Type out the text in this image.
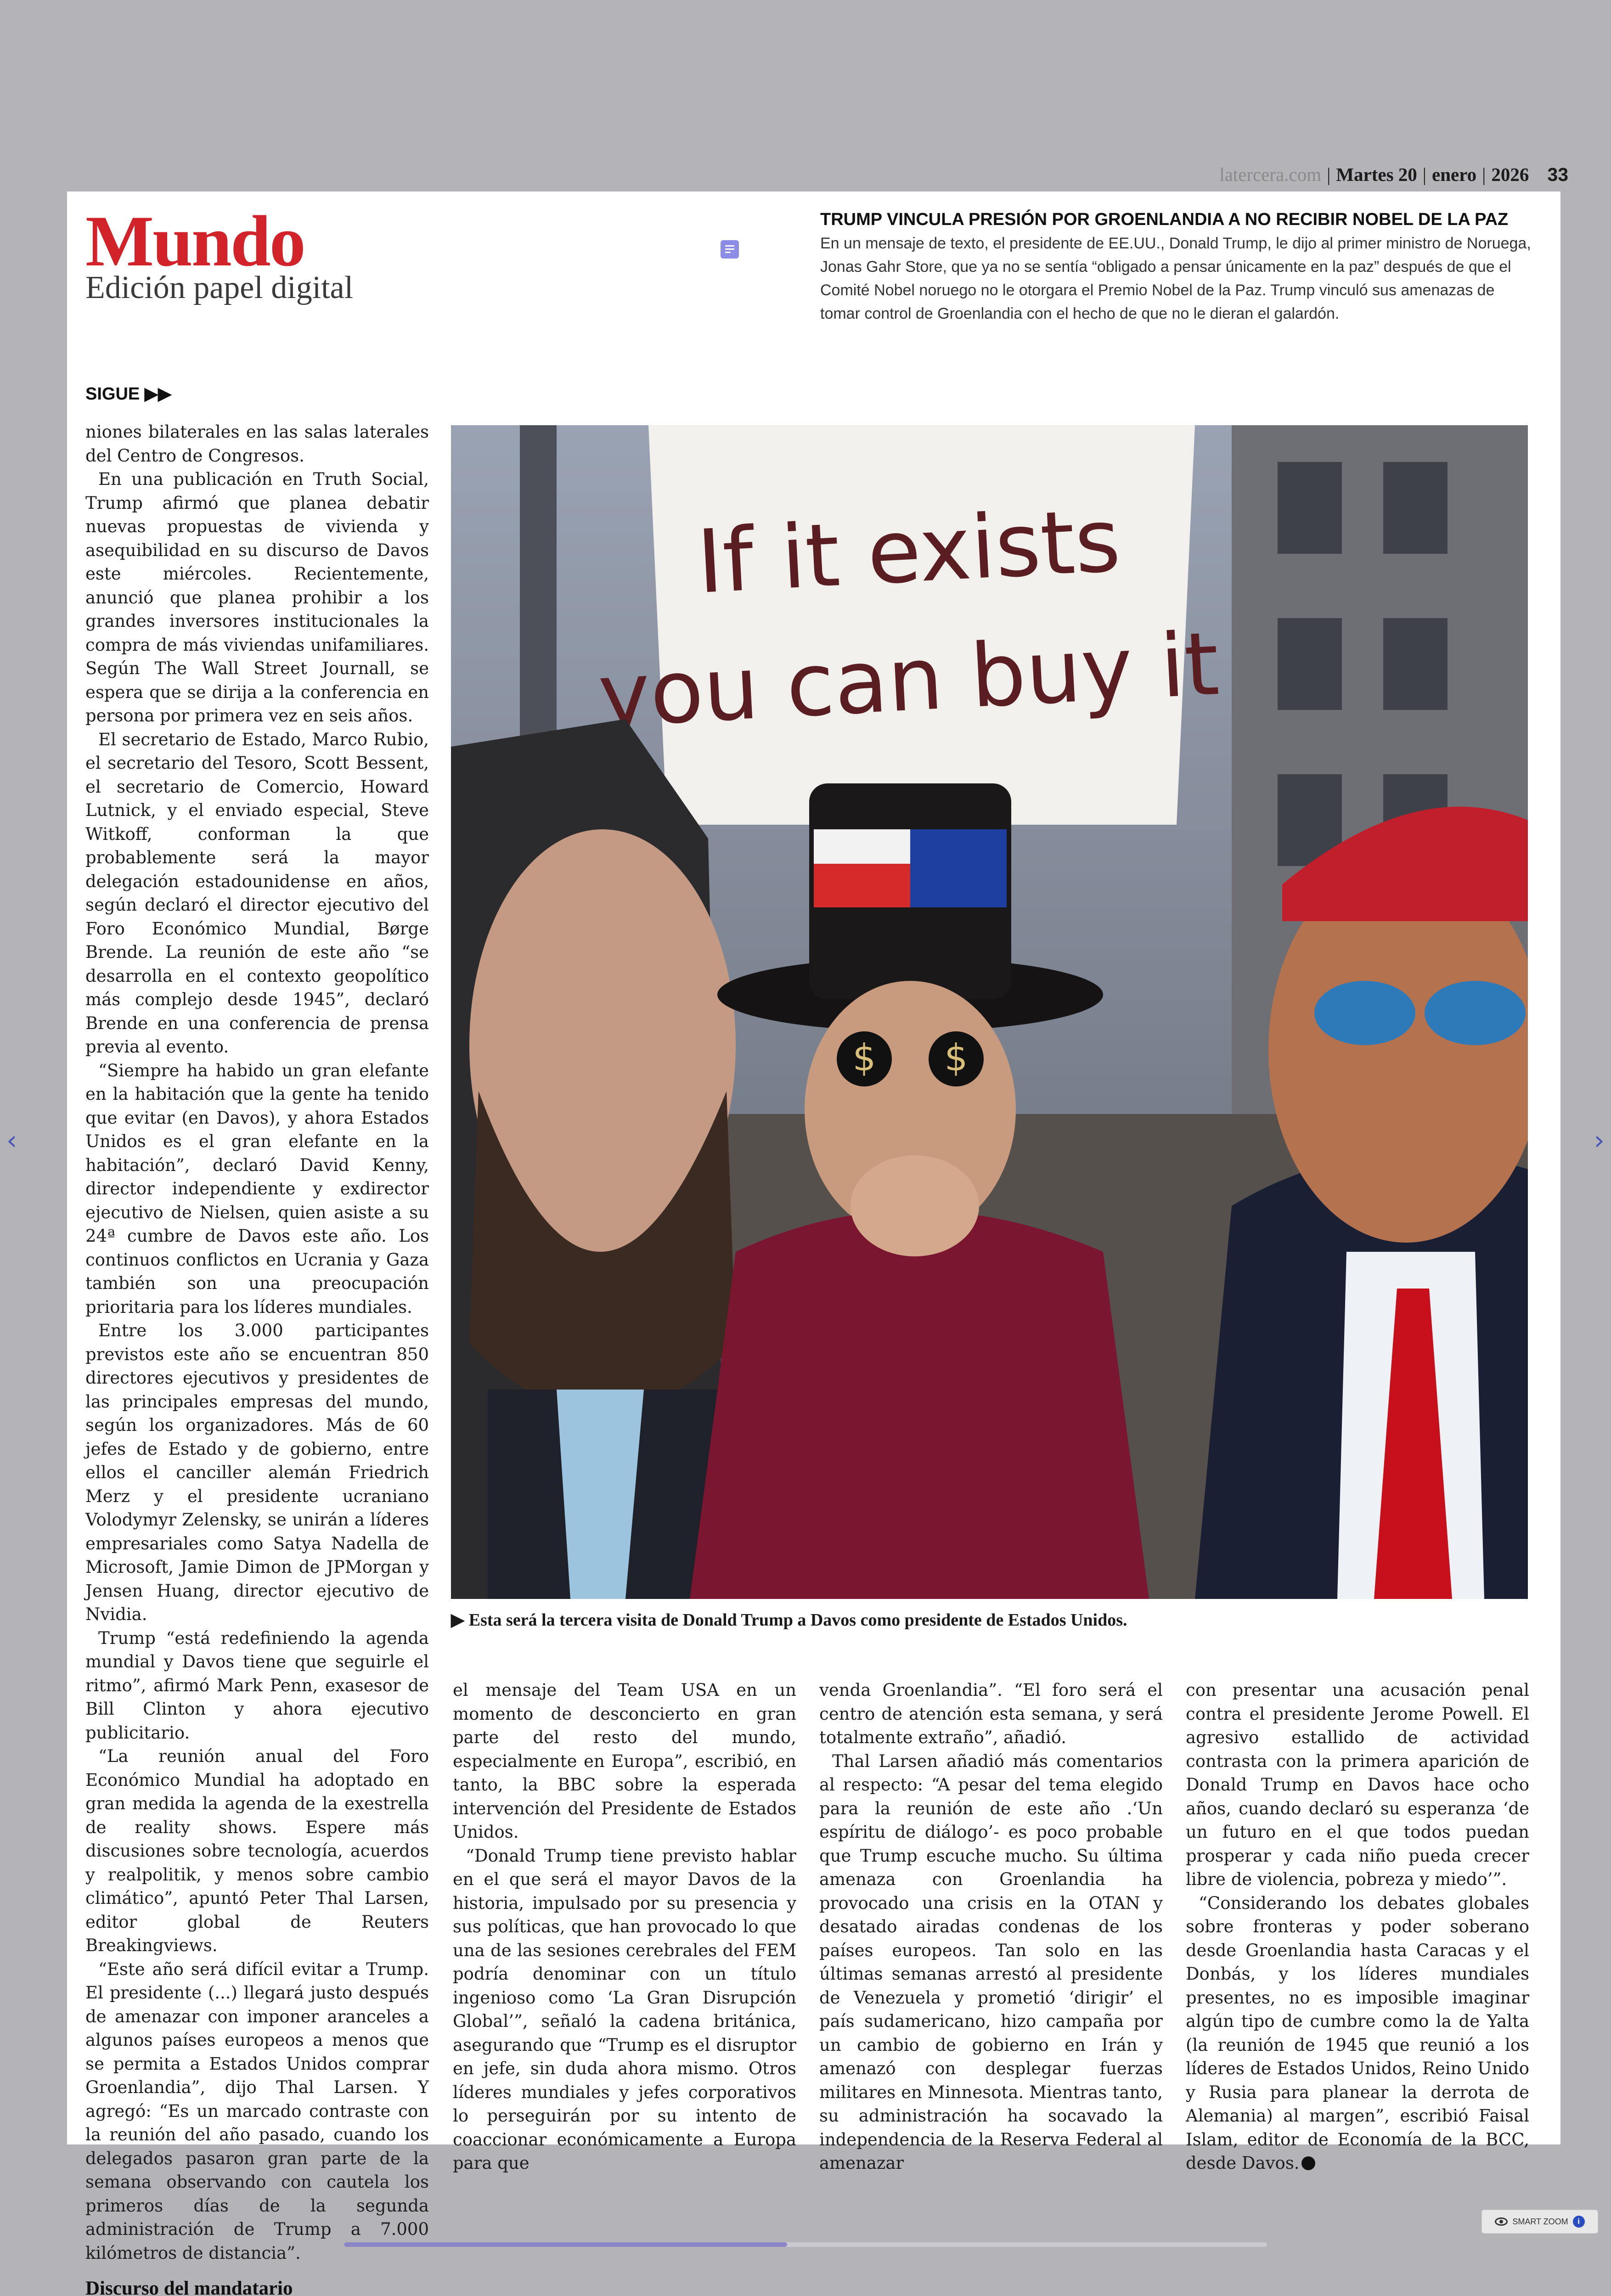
latercera.com | Martes 20 | enero | 2026 33
Mundo
Edición papel digital
TRUMP VINCULA PRESIÓN POR GROENLANDIA A NO RECIBIR NOBEL DE LA PAZ
En un mensaje de texto, el presidente de EE.UU., Donald Trump, le dijo al primer ministro de Noruega, Jonas Gahr Store, que ya no se sentía “obligado a pensar únicamente en la paz” después de que el Comité Nobel noruego no le otorgara el Premio Nobel de la Paz. Trump vinculó sus amenazas de tomar control de Groenlandia con el hecho de que no le dieran el galardón.
SIGUE ▶▶

niones bilaterales en las salas laterales del Centro de Congresos.

En una publicación en Truth Social, Trump afirmó que planea debatir nuevas propuestas de vivienda y asequibilidad en su discurso de Davos este miércoles. Recientemente, anunció que planea prohibir a los grandes inversores institucionales la compra de más viviendas unifamiliares. Según The Wall Street Journall, se espera que se dirija a la conferencia en persona por primera vez en seis años.

El secretario de Estado, Marco Rubio, el secretario del Tesoro, Scott Bessent, el secretario de Comercio, Howard Lutnick, y el enviado especial, Steve Witkoff, conforman la que probablemente será la mayor delegación estadounidense en años, según declaró el director ejecutivo del Foro Económico Mundial, Børge Brende. La reunión de este año “se desarrolla en el contexto geopolítico más complejo desde 1945”, declaró Brende en una conferencia de prensa previa al evento.

“Siempre ha habido un gran elefante en la habitación que la gente ha tenido que evitar (en Davos), y ahora Estados Unidos es el gran elefante en la habitación”, declaró David Kenny, director independiente y exdirector ejecutivo de Nielsen, quien asiste a su 24ª cumbre de Davos este año. Los continuos conflictos en Ucrania y Gaza también son una preocupación prioritaria para los líderes mundiales.

Entre los 3.000 participantes previstos este año se encuentran 850 directores ejecutivos y presidentes de las principales empresas del mundo, según los organizadores. Más de 60 jefes de Estado y de gobierno, entre ellos el canciller alemán Friedrich Merz y el presidente ucraniano Volodymyr Zelensky, se unirán a líderes empresariales como Satya Nadella de Microsoft, Jamie Dimon de JPMorgan y Jensen Huang, director ejecutivo de Nvidia.

Trump “está redefiniendo la agenda mundial y Davos tiene que seguirle el ritmo”, afirmó Mark Penn, exasesor de Bill Clinton y ahora ejecutivo publicitario.

“La reunión anual del Foro Económico Mundial ha adoptado en gran medida la agenda de la exestrella de reality shows. Espere más discusiones sobre tecnología, acuerdos y realpolitik, y menos sobre cambio climático”, apuntó Peter Thal Larsen, editor global de Reuters Breakingviews.

“Este año será difícil evitar a Trump. El presidente (...) llegará justo después de amenazar con imponer aranceles a algunos países europeos a menos que se permita a Estados Unidos comprar Groenlandia”, dijo Thal Larsen. Y agregó: “Es un marcado contraste con la reunión del año pasado, cuando los delegados pasaron gran parte de la semana observando con cautela los primeros días de la segunda administración de Trump a 7.000 kilómetros de distancia”.

Discurso del mandatario

If it exists
you can buy it
$ $
▶ Esta será la tercera visita de Donald Trump a Davos como presidente de Estados Unidos.

el mensaje del Team USA en un momento de desconcierto en gran parte del resto del mundo, especialmente en Europa”, escribió, en tanto, la BBC sobre la esperada intervención del Presidente de Estados Unidos.

“Donald Trump tiene previsto hablar en el que será el mayor Davos de la historia, impulsado por su presencia y sus políticas, que han provocado lo que una de las sesiones cerebrales del FEM podría denominar con un título ingenioso como ‘La Gran Disrupción Global’”, señaló la cadena británica, asegurando que “Trump es el disruptor en jefe, sin duda ahora mismo. Otros líderes mundiales y jefes corporativos lo perseguirán por su intento de coaccionar económicamente a Europa para que

venda Groenlandia”. “El foro será el centro de atención esta semana, y será totalmente extraño”, añadió.

Thal Larsen añadió más comentarios al respecto: “A pesar del tema elegido para la reunión de este año .‘Un espíritu de diálogo’- es poco probable que Trump escuche mucho. Su última amenaza con Groenlandia ha provocado una crisis en la OTAN y desatado airadas condenas de los países europeos. Tan solo en las últimas semanas arrestó al presidente de Venezuela y prometió ‘dirigir’ el país sudamericano, hizo campaña por un cambio de gobierno en Irán y amenazó con desplegar fuerzas militares en Minnesota. Mientras tanto, su administración ha socavado la independencia de la Reserva Federal al amenazar

con presentar una acusación penal contra el presidente Jerome Powell. El agresivo estallido de actividad contrasta con la primera aparición de Donald Trump en Davos hace ocho años, cuando declaró su esperanza ‘de un futuro en el que todos puedan prosperar y cada niño pueda crecer libre de violencia, pobreza y miedo’”.

“Considerando los debates globales sobre fronteras y poder soberano desde Groenlandia hasta Caracas y el Donbás, y los líderes mundiales presentes, no es imposible imaginar algún tipo de cumbre como la de Yalta (la reunión de 1945 que reunió a los líderes de Estados Unidos, Reino Unido y Rusia para planear la derrota de Alemania) al margen”, escribió Faisal Islam, editor de Economía de la BCC, desde Davos.

‹	›
SMART ZOOM	i
